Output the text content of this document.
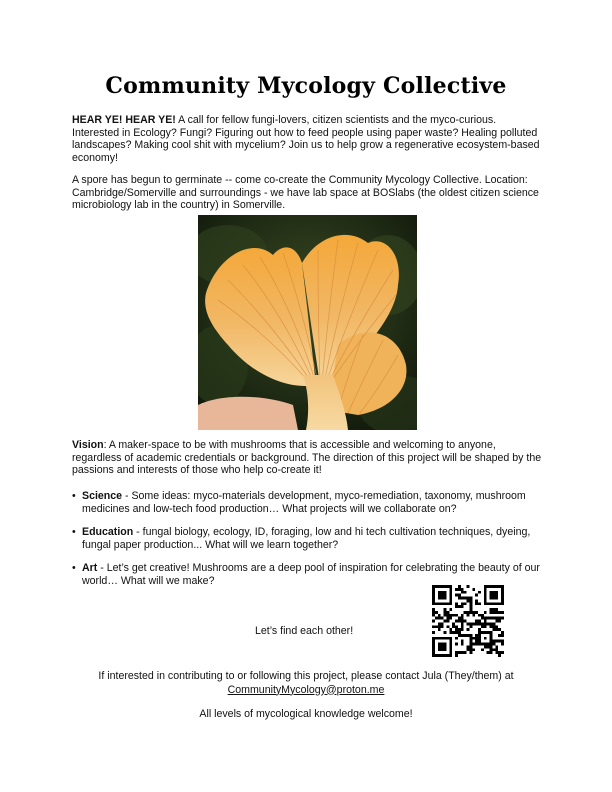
Community Mycology Collective
HEAR YE! HEAR YE! A call for fellow fungi-lovers, citizen scientists and the myco-curious. Interested in Ecology? Fungi? Figuring out how to feed people using paper waste? Healing polluted landscapes? Making cool shit with mycelium? Join us to help grow a regenerative ecosystem-based economy!
A spore has begun to germinate -- come co-create the Community Mycology Collective. Location: Cambridge/Somerville and surroundings - we have lab space at BOSlabs (the oldest citizen science microbiology lab in the country) in Somerville.
Vision: A maker-space to be with mushrooms that is accessible and welcoming to anyone, regardless of academic credentials or background. The direction of this project will be shaped by the passions and interests of those who help co-create it!
• Science - Some ideas: myco-materials development, myco-remediation, taxonomy, mushroom medicines and low-tech food production… What projects will we collaborate on?
• Education - fungal biology, ecology, ID, foraging, low and hi tech cultivation techniques, dyeing, fungal paper production... What will we learn together?
• Art - Let’s get creative! Mushrooms are a deep pool of inspiration for celebrating the beauty of our world… What will we make?
Let’s find each other!
If interested in contributing to or following this project, please contact Jula (They/them) at
CommunityMycology@proton.me
All levels of mycological knowledge welcome!
